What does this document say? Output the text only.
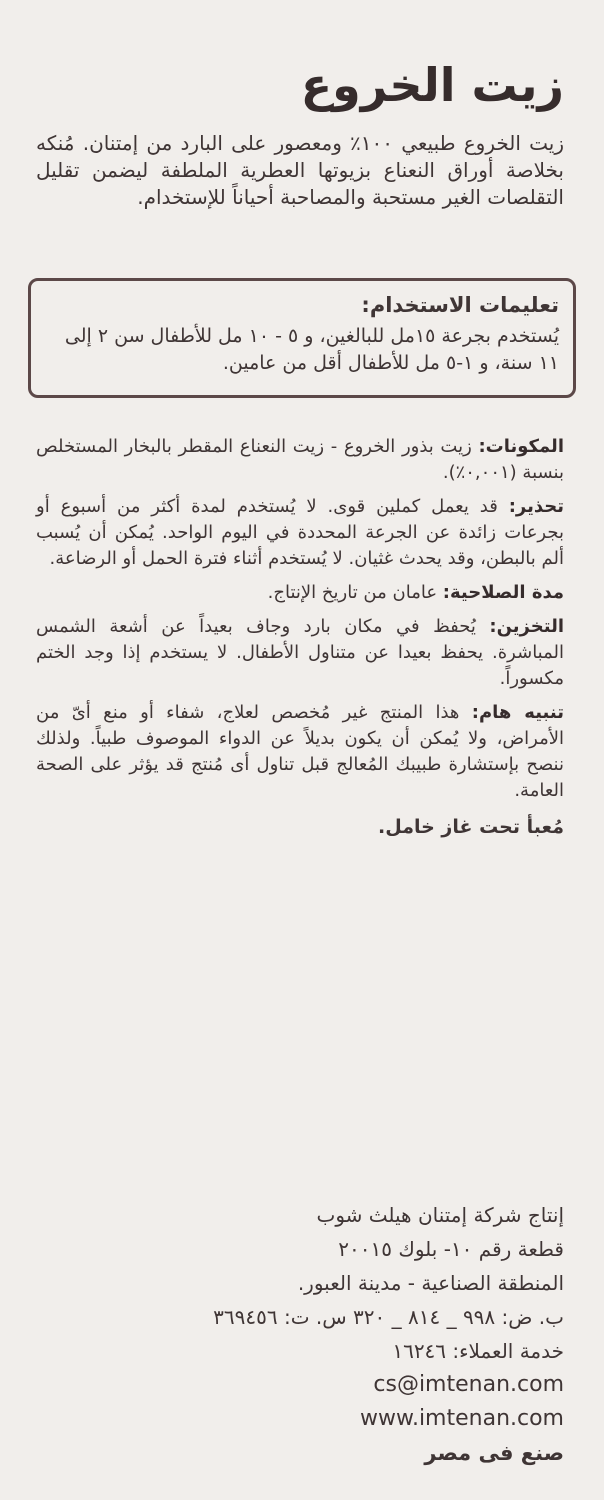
زيت الخروع

زيت الخروع طبيعي ١٠٠٪ ومعصور على البارد من إمتنان. مُنكه بخلاصة أوراق النعناع بزيوتها العطرية الملطفة ليضمن تقليل التقلصات الغير مستحبة والمصاحبة أحياناً للإستخدام.

تعليمات الاستخدام:

يُستخدم بجرعة ١٥مل للبالغين، و ٥ - ١٠ مل للأطفال سن ٢ إلى ١١ سنة، و ١-٥ مل للأطفال أقل من عامين.

المكونات: زيت بذور الخروع - زيت النعناع المقطر بالبخار المستخلص بنسبة (٠,٠٠١٪).

تحذير: قد يعمل كملين قوى. لا يُستخدم لمدة أكثر من أسبوع أو بجرعات زائدة عن الجرعة المحددة في اليوم الواحد. يُمكن أن يُسبب ألم بالبطن، وقد يحدث غثيان. لا يُستخدم أثناء فترة الحمل أو الرضاعة.

مدة الصلاحية: عامان من تاريخ الإنتاج.

التخزين: يُحفظ في مكان بارد وجاف بعيداً عن أشعة الشمس المباشرة. يحفظ بعيدا عن متناول الأطفال. لا يستخدم إذا وجد الختم مكسوراً.

تنبيه هام: هذا المنتج غير مُخصص لعلاج، شفاء أو منع أىّ من الأمراض، ولا يُمكن أن يكون بديلاً عن الدواء الموصوف طبياً. ولذلك ننصح بإستشارة طبيبك المُعالج قبل تناول أى مُنتج قد يؤثر على الصحة العامة.

مُعبأ تحت غاز خامل.

إنتاج شركة إمتنان هيلث شوب
قطعة رقم ١٠- بلوك ٢٠٠١٥
المنطقة الصناعية - مدينة العبور.
ب. ض: ٩٩٨ _ ٨١٤ _ ٣٢٠ س. ت: ٣٦٩٤٥٦
خدمة العملاء: ١٦٢٤٦
cs@imtenan.com
www.imtenan.com
صنع فى مصر
